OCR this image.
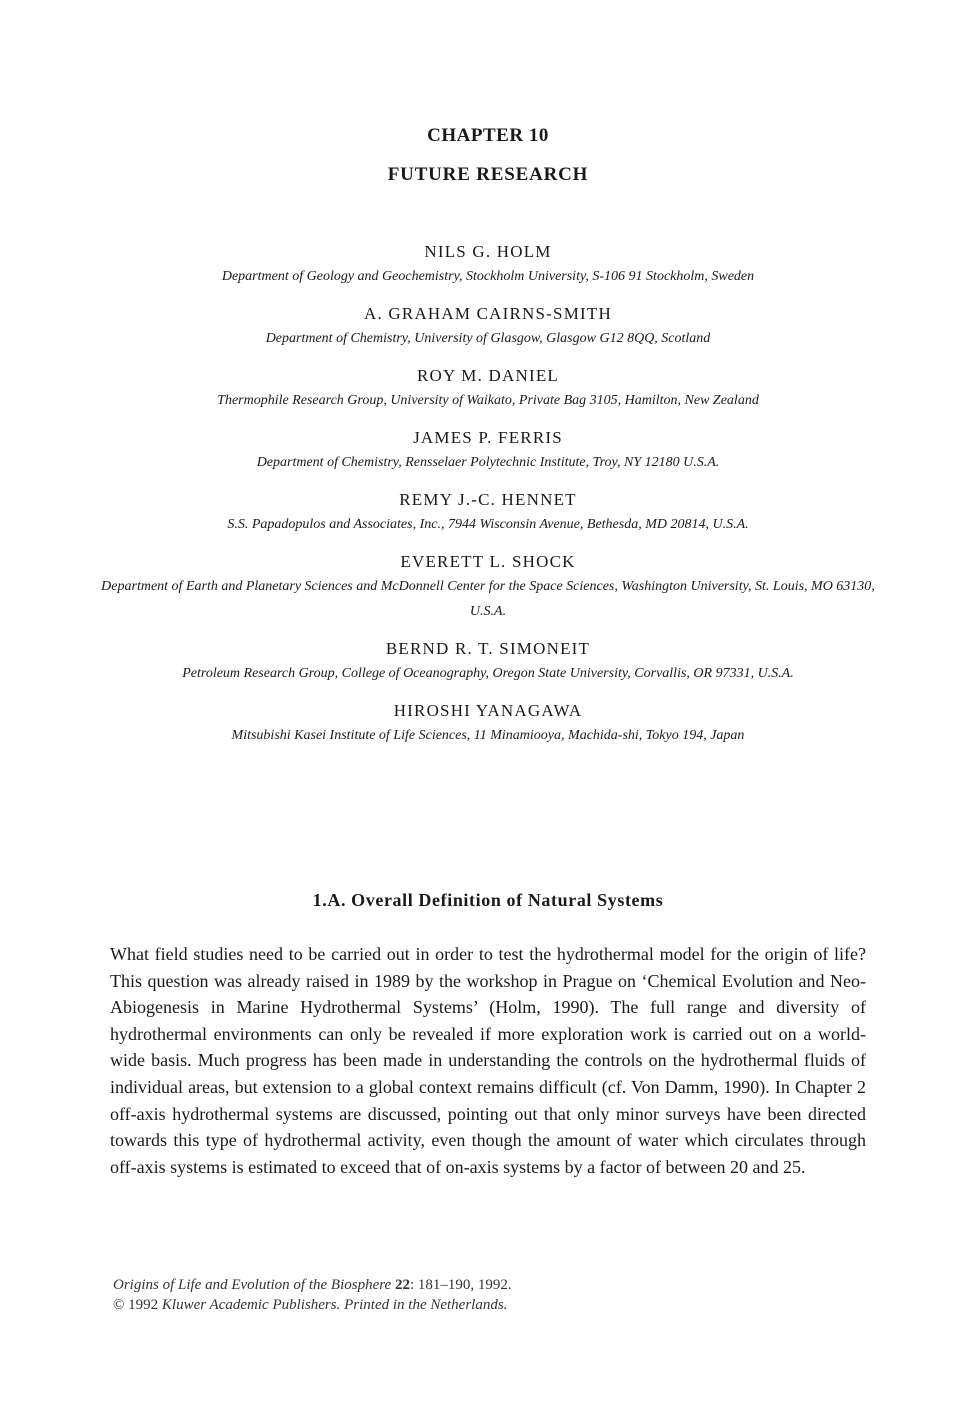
CHAPTER 10
FUTURE RESEARCH
NILS G. HOLM
Department of Geology and Geochemistry, Stockholm University, S-106 91 Stockholm, Sweden
A. GRAHAM CAIRNS-SMITH
Department of Chemistry, University of Glasgow, Glasgow G12 8QQ, Scotland
ROY M. DANIEL
Thermophile Research Group, University of Waikato, Private Bag 3105, Hamilton, New Zealand
JAMES P. FERRIS
Department of Chemistry, Rensselaer Polytechnic Institute, Troy, NY 12180 U.S.A.
REMY J.-C. HENNET
S.S. Papadopulos and Associates, Inc., 7944 Wisconsin Avenue, Bethesda, MD 20814, U.S.A.
EVERETT L. SHOCK
Department of Earth and Planetary Sciences and McDonnell Center for the Space Sciences, Washington University, St. Louis, MO 63130, U.S.A.
BERND R. T. SIMONEIT
Petroleum Research Group, College of Oceanography, Oregon State University, Corvallis, OR 97331, U.S.A.
HIROSHI YANAGAWA
Mitsubishi Kasei Institute of Life Sciences, 11 Minamiooya, Machida-shi, Tokyo 194, Japan
1.A. Overall Definition of Natural Systems

What field studies need to be carried out in order to test the hydrothermal model for the origin of life? This question was already raised in 1989 by the workshop in Prague on ‘Chemical Evolution and Neo-Abiogenesis in Marine Hydrothermal Systems’ (Holm, 1990). The full range and diversity of hydrothermal environments can only be revealed if more exploration work is carried out on a world-wide basis. Much progress has been made in understanding the controls on the hydrothermal fluids of individual areas, but extension to a global context remains difficult (cf. Von Damm, 1990). In Chapter 2 off-axis hydrothermal systems are discussed, pointing out that only minor surveys have been directed towards this type of hydrothermal activity, even though the amount of water which circulates through off-axis systems is estimated to exceed that of on-axis systems by a factor of between 20 and 25.

Origins of Life and Evolution of the Biosphere 22: 181–190, 1992.
© 1992 Kluwer Academic Publishers. Printed in the Netherlands.
